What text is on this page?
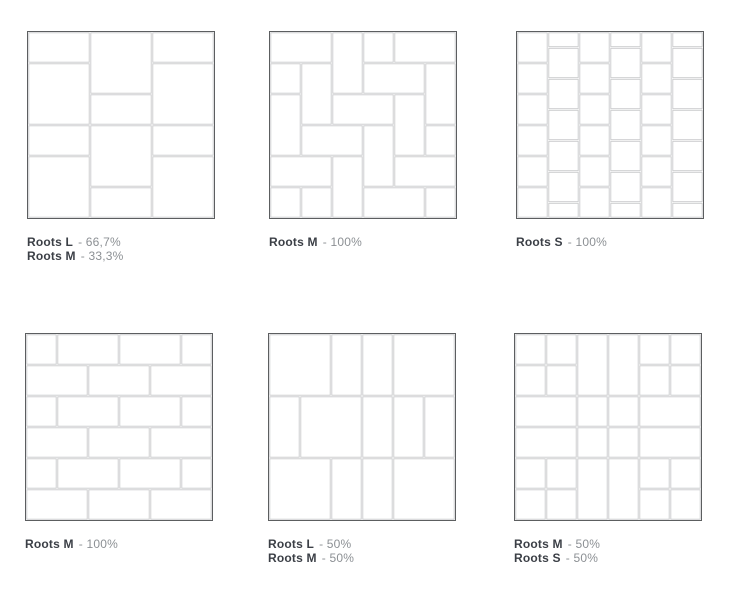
Roots L - 66,7%
Roots M - 33,3%
Roots M - 100%	Roots S - 100%
Roots M - 100%	Roots L - 50%
Roots M - 50%
Roots M - 50%
Roots S - 50%
